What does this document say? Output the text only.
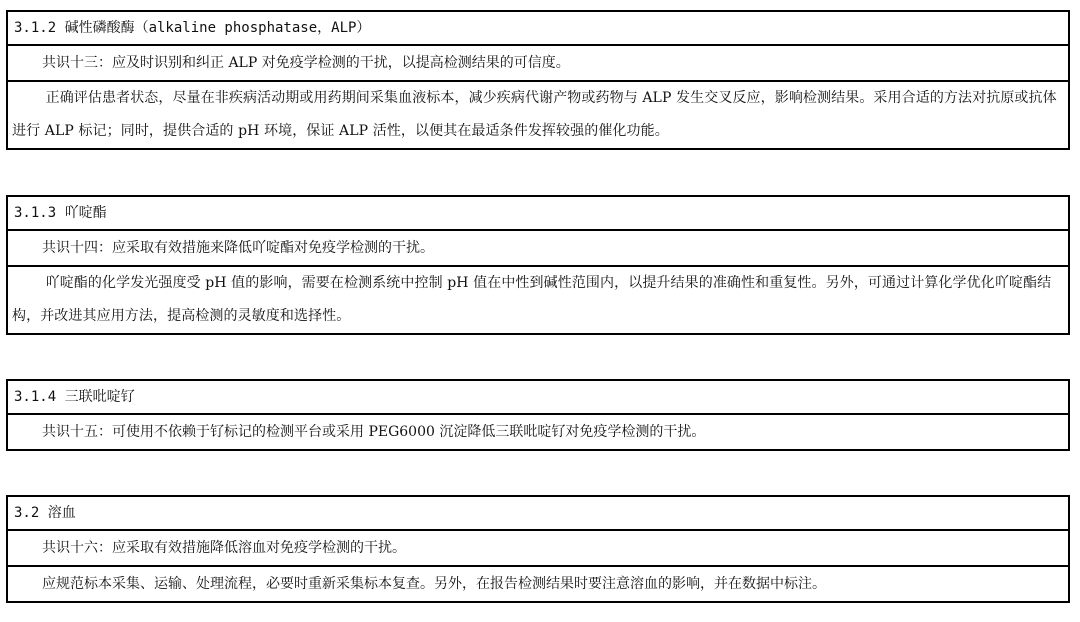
3.1.2 碱性磷酸酶（alkaline phosphatase，ALP）
共识十三：应及时识别和纠正 ALP 对免疫学检测的干扰，以提高检测结果的可信度。
正确评估患者状态，尽量在非疾病活动期或用药期间采集血液标本，减少疾病代谢产物或药物与 ALP 发生交叉反应，影响检测结果。采用合适的方法对抗原或抗体进行 ALP 标记；同时，提供合适的 pH 环境，保证 ALP 活性，以便其在最适条件发挥较强的催化功能。
3.1.3 吖啶酯
共识十四：应采取有效措施来降低吖啶酯对免疫学检测的干扰。
吖啶酯的化学发光强度受 pH 值的影响，需要在检测系统中控制 pH 值在中性到碱性范围内，以提升结果的准确性和重复性。另外，可通过计算化学优化吖啶酯结构，并改进其应用方法，提高检测的灵敏度和选择性。
3.1.4 三联吡啶钌
共识十五：可使用不依赖于钌标记的检测平台或采用 PEG6000 沉淀降低三联吡啶钌对免疫学检测的干扰。
3.2 溶血
共识十六：应采取有效措施降低溶血对免疫学检测的干扰。
应规范标本采集、运输、处理流程，必要时重新采集标本复查。另外，在报告检测结果时要注意溶血的影响，并在数据中标注。
